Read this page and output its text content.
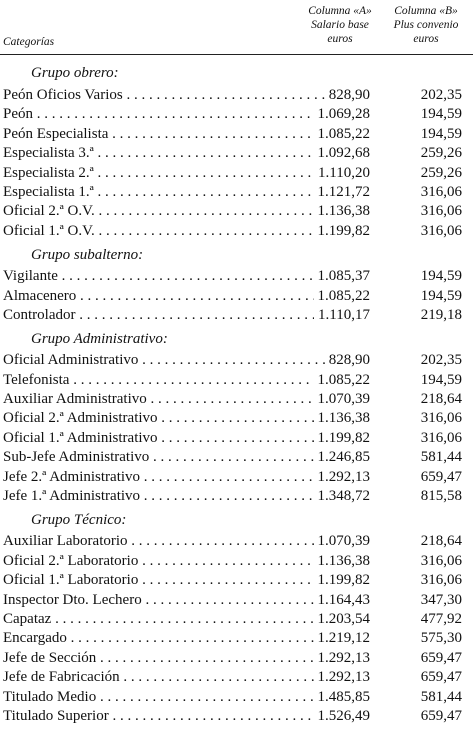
Categorías
Columna «A»
Salario base
euros
Columna «B»
Plus convenio
euros
Grupo obrero:
Peón Oficios Varios . . .	828,90	202,35
Peón . . .	1.069,28	194,59
Peón Especialista . . .	1.085,22	194,59
Especialista 3.ª . . .	1.092,68	259,26
Especialista 2.ª . . .	1.110,20	259,26
Especialista 1.ª . . .	1.121,72	316,06
Oficial 2.ª O.V. . . .	1.136,38	316,06
Oficial 1.ª O.V. . . .	1.199,82	316,06
Grupo subalterno:
Vigilante . . .	1.085,37	194,59
Almacenero . . .	1.085,22	194,59
Controlador . . .	1.110,17	219,18
Grupo Administrativo:
Oficial Administrativo . . .	828,90	202,35
Telefonista . . .	1.085,22	194,59
Auxiliar Administrativo . . .	1.070,39	218,64
Oficial 2.ª Administrativo . . .	1.136,38	316,06
Oficial 1.ª Administrativo . . .	1.199,82	316,06
Sub-Jefe Administrativo . . .	1.246,85	581,44
Jefe 2.ª Administrativo . . .	1.292,13	659,47
Jefe 1.ª Administrativo . . .	1.348,72	815,58
Grupo Técnico:
Auxiliar Laboratorio . . .	1.070,39	218,64
Oficial 2.ª Laboratorio . . .	1.136,38	316,06
Oficial 1.ª Laboratorio . . .	1.199,82	316,06
Inspector Dto. Lechero . . .	1.164,43	347,30
Capataz . . .	1.203,54	477,92
Encargado . . .	1.219,12	575,30
Jefe de Sección . . .	1.292,13	659,47
Jefe de Fabricación . . .	1.292,13	659,47
Titulado Medio . . .	1.485,85	581,44
Titulado Superior . . .	1.526,49	659,47
